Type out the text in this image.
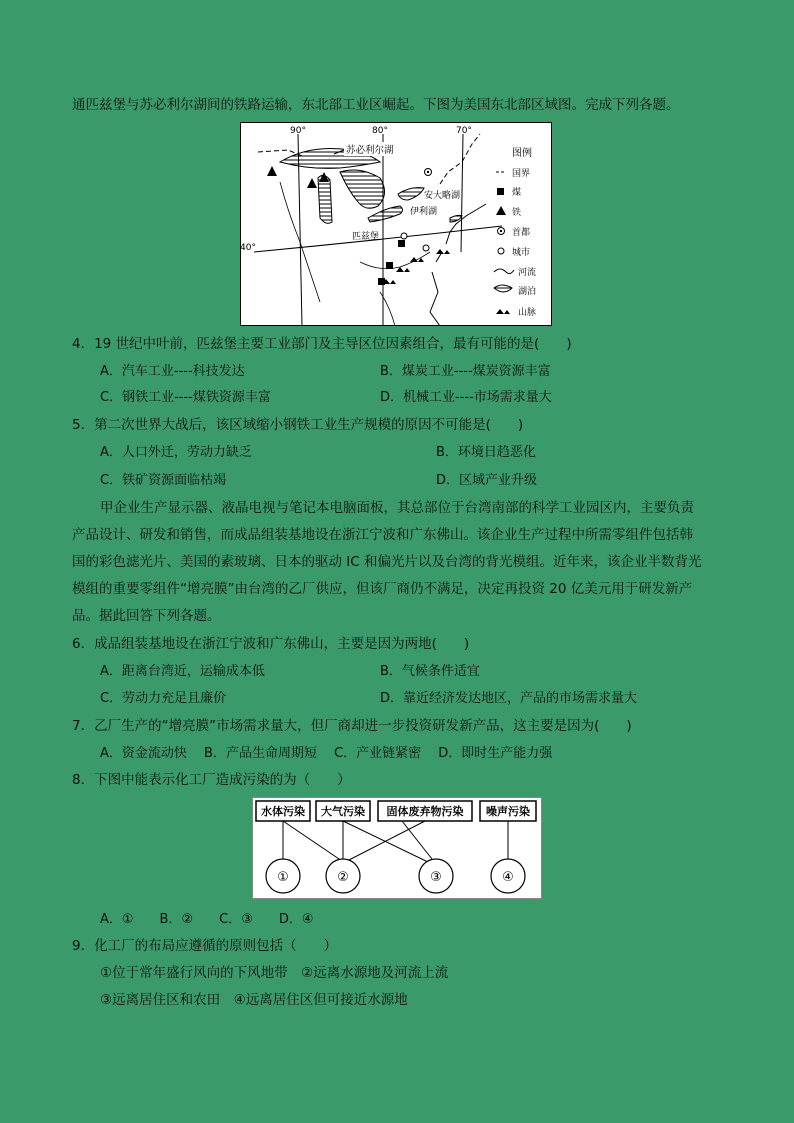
通匹兹堡与苏必利尔湖间的铁路运输，东北部工业区崛起。下图为美国东北部区域图。完成下列各题。
90°	80°	70°
40°
苏必利尔湖
安大略湖
伊利湖
匹兹堡
图例
国界
煤
铁
首都
城市
河流
湖泊
山脉
4．19 世纪中叶前，匹兹堡主要工业部门及主导区位因素组合，最有可能的是(　　)
A．汽车工业----科技发达	B．煤炭工业----煤炭资源丰富
C．钢铁工业----煤铁资源丰富	D．机械工业----市场需求量大
5．第二次世界大战后，该区域缩小钢铁工业生产规模的原因不可能是(　　)
A．人口外迁，劳动力缺乏	B．环境日趋恶化
C．铁矿资源面临枯竭	D．区域产业升级
甲企业生产显示器、液晶电视与笔记本电脑面板，其总部位于台湾南部的科学工业园区内，主要负责
产品设计、研发和销售，而成品组装基地设在浙江宁波和广东佛山。该企业生产过程中所需零组件包括韩
国的彩色滤光片、美国的素玻璃、日本的驱动 IC 和偏光片以及台湾的背光模组。近年来，该企业半数背光
模组的重要零组件“增亮膜”由台湾的乙厂供应，但该厂商仍不满足，决定再投资 20 亿美元用于研发新产
品。据此回答下列各题。
6．成品组装基地设在浙江宁波和广东佛山，主要是因为两地(　　)
A．距离台湾近，运输成本低	B．气候条件适宜
C．劳动力充足且廉价	D．靠近经济发达地区，产品的市场需求量大
7．乙厂生产的“增亮膜”市场需求量大，但厂商却进一步投资研发新产品，这主要是因为(　　)
A．资金流动快　 B．产品生命周期短　 C．产业链紧密　 D．即时生产能力强
8．下图中能表示化工厂造成污染的为（　　）
水体污染 大气污染 固体废弃物污染 噪声污染
①	②	③	④
A．①　　B．②　　C．③　　D．④
9．化工厂的布局应遵循的原则包括（　　）
①位于常年盛行风向的下风地带　②远离水源地及河流上流
③远离居住区和农田　④远离居住区但可接近水源地
